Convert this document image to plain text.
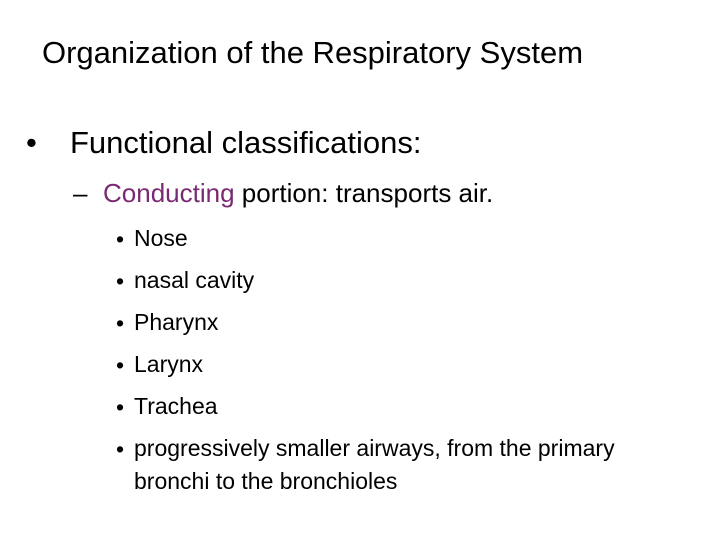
Organization of the Respiratory System
• Functional classifications:
– Conducting portion: transports air.
• Nose
• nasal cavity
• Pharynx
• Larynx
• Trachea
• progressively smaller airways, from the primary bronchi to the bronchioles
